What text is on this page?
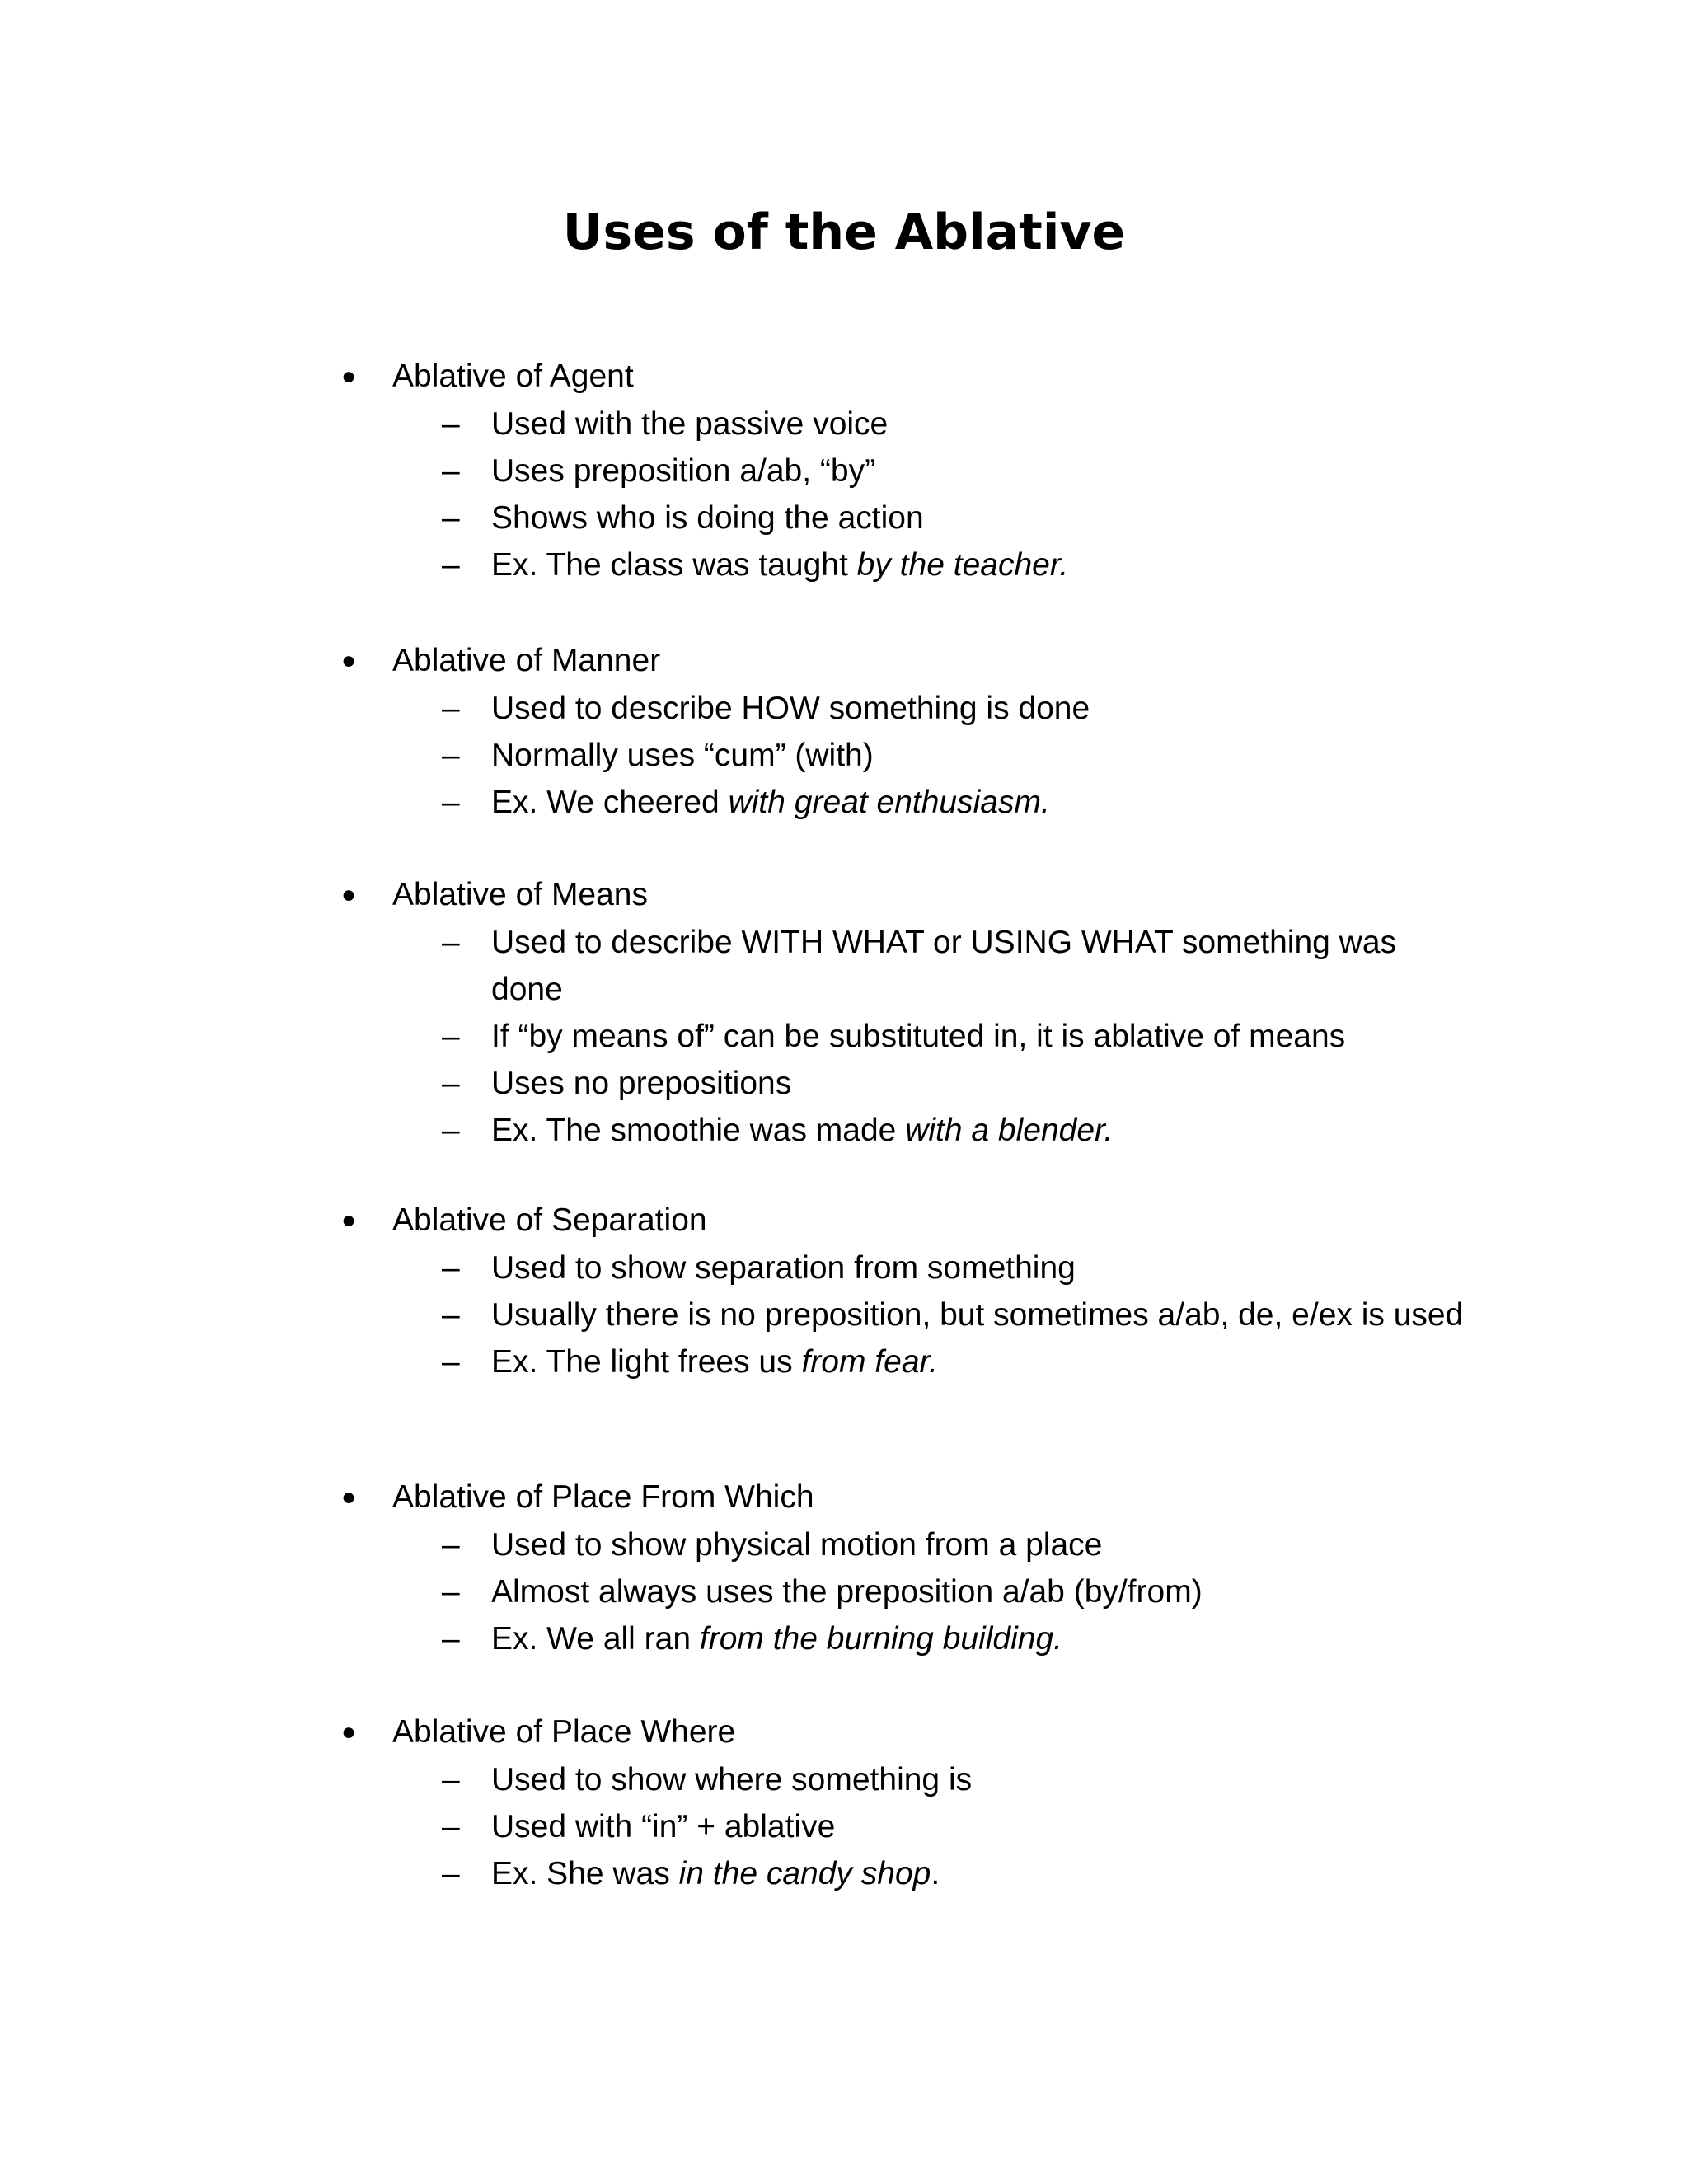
Uses of the Ablative
● Ablative of Agent
– Used with the passive voice
– Uses preposition a/ab, “by”
– Shows who is doing the action
– Ex. The class was taught by the teacher.
● Ablative of Manner
– Used to describe HOW something is done
– Normally uses “cum” (with)
– Ex. We cheered with great enthusiasm.
● Ablative of Means
– Used to describe WITH WHAT or USING WHAT something was done
– If “by means of” can be substituted in, it is ablative of means
– Uses no prepositions
– Ex. The smoothie was made with a blender.
● Ablative of Separation
– Used to show separation from something
– Usually there is no preposition, but sometimes a/ab, de, e/ex is used
– Ex. The light frees us from fear.
● Ablative of Place From Which
– Used to show physical motion from a place
– Almost always uses the preposition a/ab (by/from)
– Ex. We all ran from the burning building.
● Ablative of Place Where
– Used to show where something is
– Used with “in” + ablative
– Ex. She was in the candy shop.
